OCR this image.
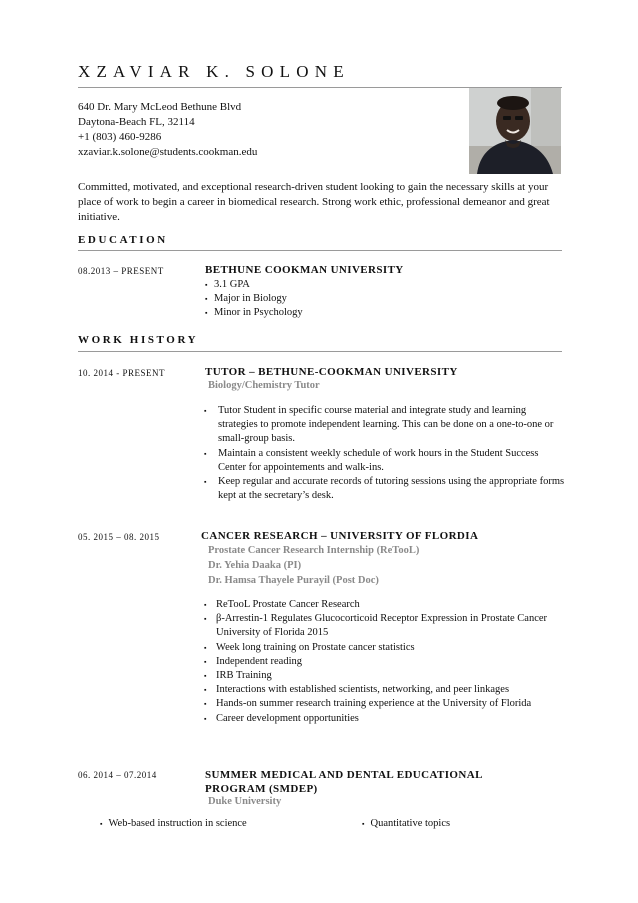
XZAVIAR K. SOLONE
640 Dr. Mary McLeod Bethune Blvd
Daytona-Beach FL, 32114
+1 (803) 460-9286
xzaviar.k.solone@students.cookman.edu
Committed, motivated, and exceptional research-driven student looking to gain the necessary skills at your place of work to begin a career in biomedical research. Strong work ethic, professional demeanor and great initiative.
EDUCATION
08.2013 – PRESENT	BETHUNE COOKMAN UNIVERSITY
▪ 3.1 GPA
▪ Major in Biology
▪ Minor in Psychology
WORK HISTORY
10. 2014 - PRESENT	TUTOR – BETHUNE-COOKMAN UNIVERSITY
Biology/Chemistry Tutor
▪ Tutor Student in specific course material and integrate study and learning strategies to promote independent learning. This can be done on a one-to-one or small-group basis.
▪ Maintain a consistent weekly schedule of work hours in the Student Success Center for appointements and walk-ins.
▪ Keep regular and accurate records of tutoring sessions using the appropriate forms kept at the secretary’s desk.
05. 2015 – 08. 2015	CANCER RESEARCH – UNIVERSITY OF FLORDIA
Prostate Cancer Research Internship (ReTooL)
Dr. Yehia Daaka (PI)
Dr. Hamsa Thayele Purayil (Post Doc)
▪ ReTooL Prostate Cancer Research
▪ β-Arrestin-1 Regulates Glucocorticoid Receptor Expression in Prostate Cancer University of Florida 2015
▪ Week long training on Prostate cancer statistics
▪ Independent reading
▪ IRB Training
▪ Interactions with established scientists, networking, and peer linkages
▪ Hands-on summer research training experience at the University of Florida
▪ Career development opportunities
06. 2014 – 07.2014	SUMMER MEDICAL AND DENTAL EDUCATIONAL PROGRAM (SMDEP)
Duke University
▪ Web-based instruction in science	▪ Quantitative topics
